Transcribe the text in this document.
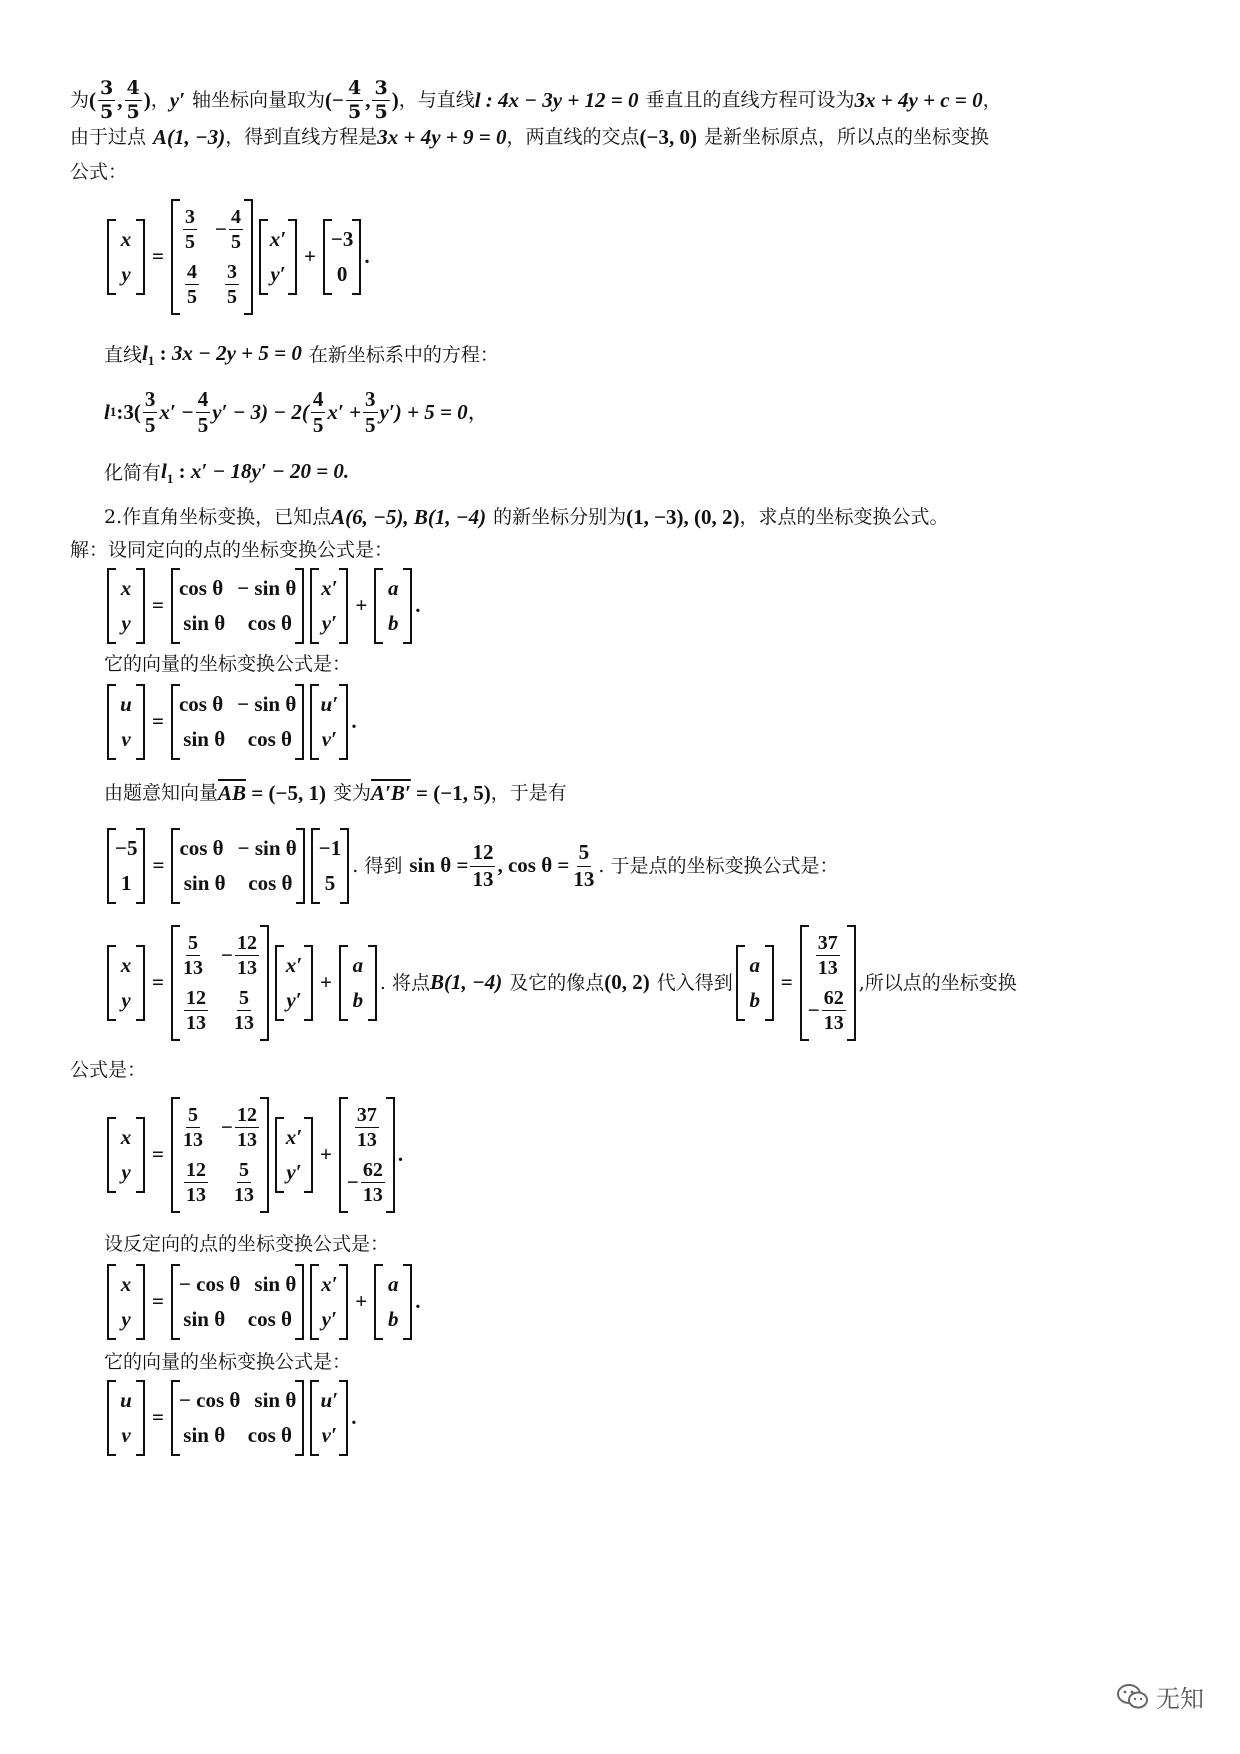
为 ( $\frac{3}{5}$ , $\frac{4}{5}$ ) ， y′ 轴坐标向量取为 ( − $\frac{4}{5}$ , $\frac{3}{5}$ ) ，与直线 l : 4x − 3y + 12 = 0 垂直且的直线方程可设为 3x + 4y + c = 0 ，
由于过点 A(1, −3) ，得到直线方程是 3x + 4y + 9 = 0 ，两直线的交点 (−3, 0) 是新坐标原点，所以点的坐标变换
公式：
x
y
=
$\frac{3}{5} - \frac{4}{5}$
$\frac{4}{5} \frac{3}{5}$
x′
y′
+
−3
0
.
直线 $l_1$ : 3x − 2y + 5 = 0 在新坐标系中的方程：
l 1 : $3( \frac{3}{5} x' - \frac{4}{5} y' - 3) - 2( \frac{4}{5} x' + \frac{3}{5} y') + 5 = 0$ ，
化简有 $l_1$ : x′ − 18y′ − 20 = 0.
2.作直角坐标变换，已知点 A(6, −5), B(1, −4) 的新坐标分别为 (1, −3), (0, 2) ，求点的坐标变换公式。
解：设同定向的点的坐标变换公式是：
x
y
=
cos θ − sin θ
sin θ cos θ
x′
y′
+
a
b
.
它的向量的坐标变换公式是：
u
v
=
cos θ − sin θ
sin θ cos θ
u′
v′
.
由题意知向量 $\overline{AB} = (-5$, 1) 变为 A′B′ = (−1, 5) ，于是有
−5
1
=
cos θ − sin θ
sin θ cos θ
−1
5
. 得到 $\sin \theta = \frac{12}{13}$ , $\cos \theta = \frac{5}{13}$ . 于是点的坐标变换公式是：
x
y
=
$\frac{5}{13} - \frac{12}{13}$
$\frac{12}{13} \frac{5}{13}$
x′
y′
+
a
b
. 将点 B(1, −4) 及它的像点 (0, 2) 代入得到
a
b
=
$\frac{37}{13}$
− $\frac{62}{13}$
,所以点的坐标变换
公式是：
x
y
=
$\frac{5}{13} - \frac{12}{13}$
$\frac{12}{13} \frac{5}{13}$
x′
y′
+
$\frac{37}{13}$
− $\frac{62}{13}$
.
设反定向的点的坐标变换公式是：
x
y
=
− cos θ sin θ
sin θ cos θ
x′
y′
+
a
b
.
它的向量的坐标变换公式是：
u
v
=
− cos θ sin θ
sin θ cos θ
u′
v′
.
无知
